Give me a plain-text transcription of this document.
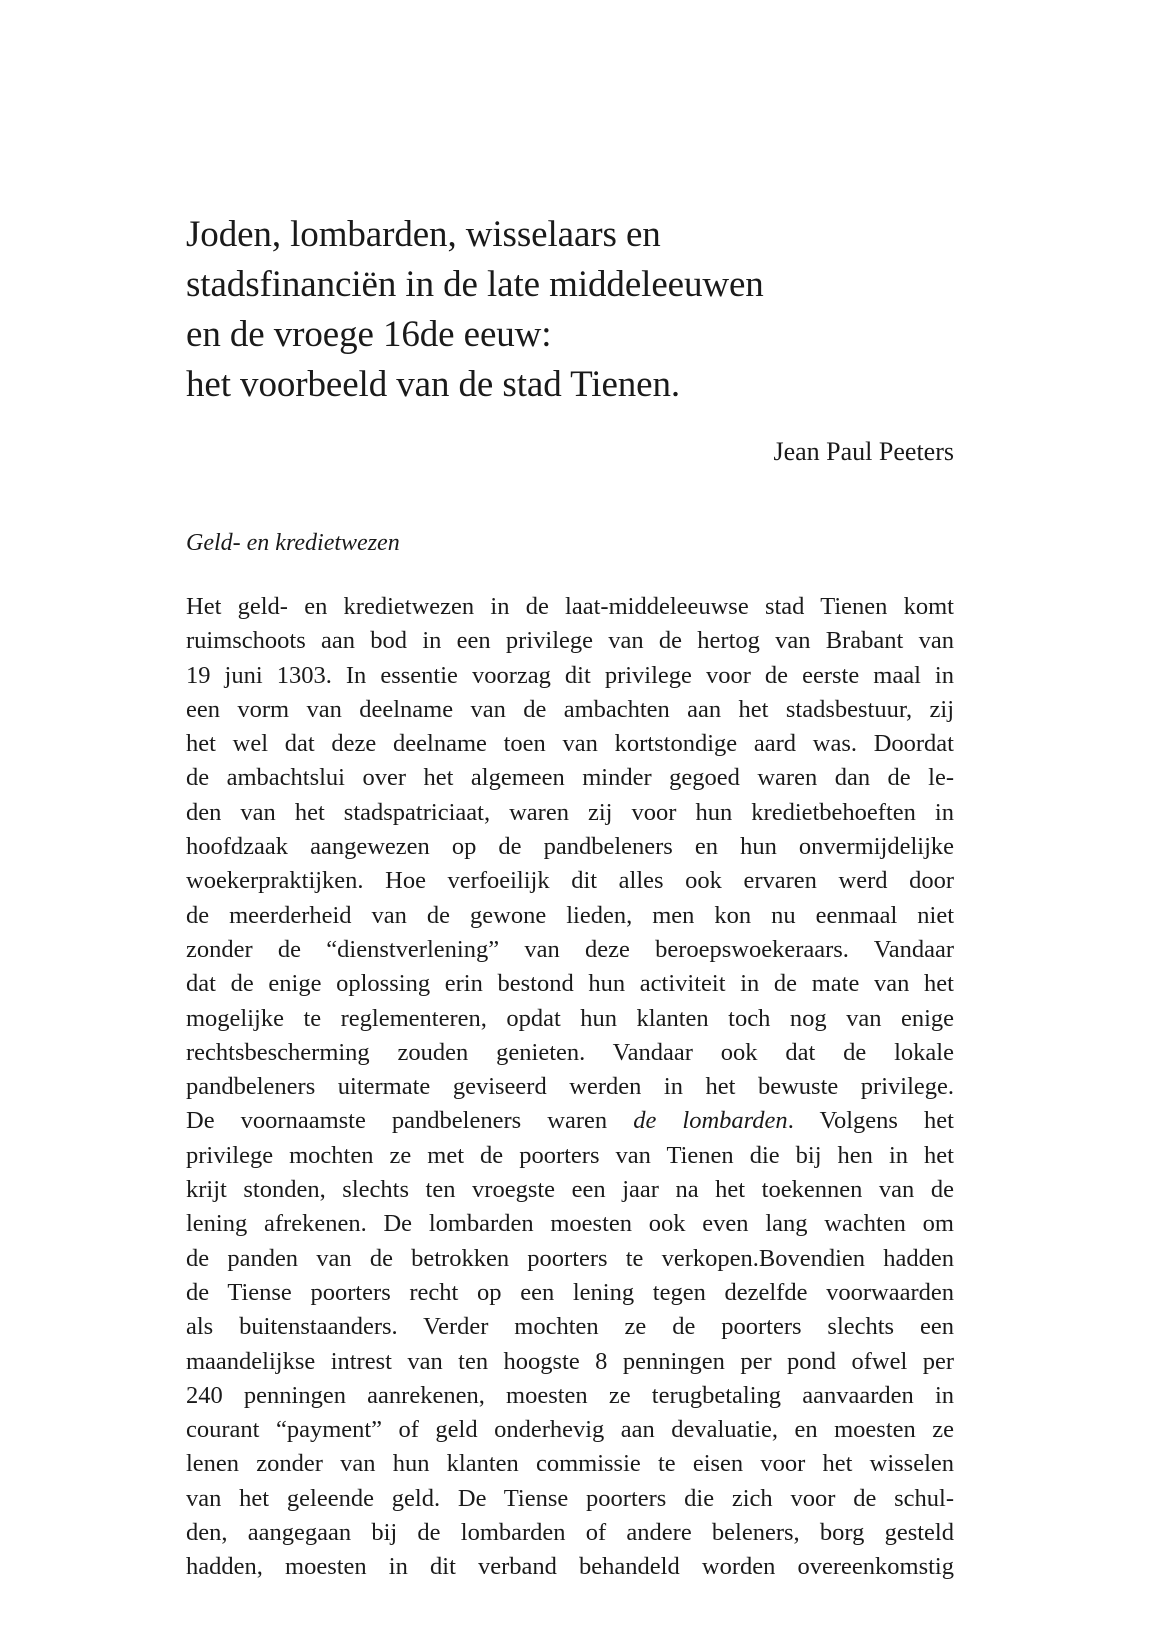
Joden, lombarden, wisselaars en
stadsfinanciën in de late middeleeuwen
en de vroege 16de eeuw:
het voorbeeld van de stad Tienen.
Jean Paul Peeters
Geld- en kredietwezen
Het geld- en kredietwezen in de laat-middeleeuwse stad Tienen komt
ruimschoots aan bod in een privilege van de hertog van Brabant van
19 juni 1303. In essentie voorzag dit privilege voor de eerste maal in
een vorm van deelname van de ambachten aan het stadsbestuur, zij
het wel dat deze deelname toen van kortstondige aard was. Doordat
de ambachtslui over het algemeen minder gegoed waren dan de le-
den van het stadspatriciaat, waren zij voor hun kredietbehoeften in
hoofdzaak aangewezen op de pandbeleners en hun onvermijdelijke
woekerpraktijken. Hoe verfoeilijk dit alles ook ervaren werd door
de meerderheid van de gewone lieden, men kon nu eenmaal niet
zonder de “dienstverlening” van deze beroepswoekeraars. Vandaar
dat de enige oplossing erin bestond hun activiteit in de mate van het
mogelijke te reglementeren, opdat hun klanten toch nog van enige
rechtsbescherming zouden genieten. Vandaar ook dat de lokale
pandbeleners uitermate geviseerd werden in het bewuste privilege.
De voornaamste pandbeleners waren de lombarden. Volgens het
privilege mochten ze met de poorters van Tienen die bij hen in het
krijt stonden, slechts ten vroegste een jaar na het toekennen van de
lening afrekenen. De lombarden moesten ook even lang wachten om
de panden van de betrokken poorters te verkopen.Bovendien hadden
de Tiense poorters recht op een lening tegen dezelfde voorwaarden
als buitenstaanders. Verder mochten ze de poorters slechts een
maandelijkse intrest van ten hoogste 8 penningen per pond ofwel per
240 penningen aanrekenen, moesten ze terugbetaling aanvaarden in
courant “payment” of geld onderhevig aan devaluatie, en moesten ze
lenen zonder van hun klanten commissie te eisen voor het wisselen
van het geleende geld. De Tiense poorters die zich voor de schul-
den, aangegaan bij de lombarden of andere beleners, borg gesteld
hadden, moesten in dit verband behandeld worden overeenkomstig
